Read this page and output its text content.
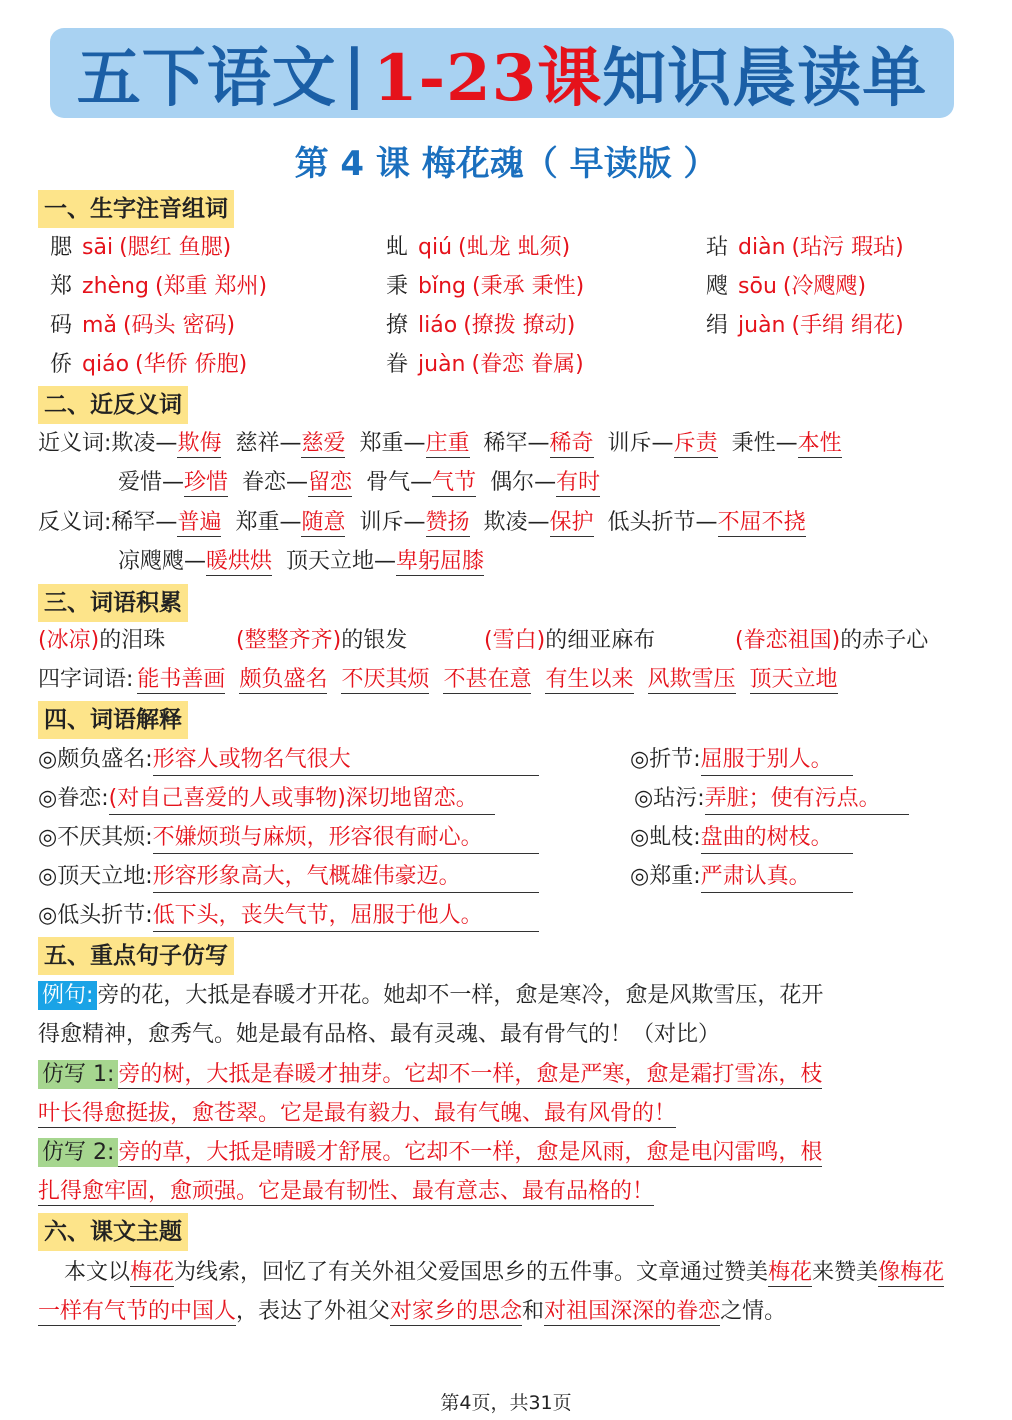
五下语文 | 1-23课 知识晨读单
第 4 课 梅花魂（ 早读版 ）
一、生字注音组词
腮 sāi (腮红 鱼腮)	虬 qiú (虬龙 虬须)	玷 diàn (玷污 瑕玷)
郑 zhèng (郑重 郑州)	秉 bǐng (秉承 秉性)	飕 sōu (冷飕飕)
码 mǎ (码头 密码)	撩 liáo (撩拨 撩动)	绢 juàn (手绢 绢花)
侨 qiáo (华侨 侨胞)	眷 juàn (眷恋 眷属)
二、近反义词
近义词:欺凌—欺侮 慈祥—慈爱 郑重—庄重 稀罕—稀奇 训斥—斥责 秉性—本性
爱惜—珍惜 眷恋—留恋 骨气—气节 偶尔—有时
反义词:稀罕—普遍 郑重—随意 训斥—赞扬 欺凌—保护 低头折节—不屈不挠
凉飕飕—暖烘烘 顶天立地—卑躬屈膝
三、词语积累
(冰凉)的泪珠	(整整齐齐)的银发	(雪白)的细亚麻布	(眷恋祖国)的赤子心
四字词语: 能书善画 颇负盛名 不厌其烦 不甚在意 有生以来 风欺雪压 顶天立地
四、词语解释
◎颇负盛名:形容人或物名气很大
◎眷恋:(对自己喜爱的人或事物)深切地留恋。
◎不厌其烦:不嫌烦琐与麻烦，形容很有耐心。
◎顶天立地:形容形象高大，气概雄伟豪迈。
◎低头折节:低下头，丧失气节，屈服于他人。
◎折节:屈服于别人。
◎玷污:弄脏；使有污点。
◎虬枝:盘曲的树枝。
◎郑重:严肃认真。
五、重点句子仿写
例句: 旁的花，大抵是春暖才开花。她却不一样，愈是寒冷，愈是风欺雪压，花开
得愈精神，愈秀气。她是最有品格、最有灵魂、最有骨气的！（对比）
仿写 1: 旁的树，大抵是春暖才抽芽。它却不一样，愈是严寒，愈是霜打雪冻，枝
叶长得愈挺拔，愈苍翠。它是最有毅力、最有气魄、最有风骨的！
仿写 2: 旁的草，大抵是晴暖才舒展。它却不一样，愈是风雨，愈是电闪雷鸣，根
扎得愈牢固，愈顽强。它是最有韧性、最有意志、最有品格的！
六、课文主题
本文以梅花为线索，回忆了有关外祖父爱国思乡的五件事。文章通过赞美梅花来赞美像梅花一样有气节的中国人，表达了外祖父对家乡的思念和对祖国深深的眷恋之情。
第4页，共31页
